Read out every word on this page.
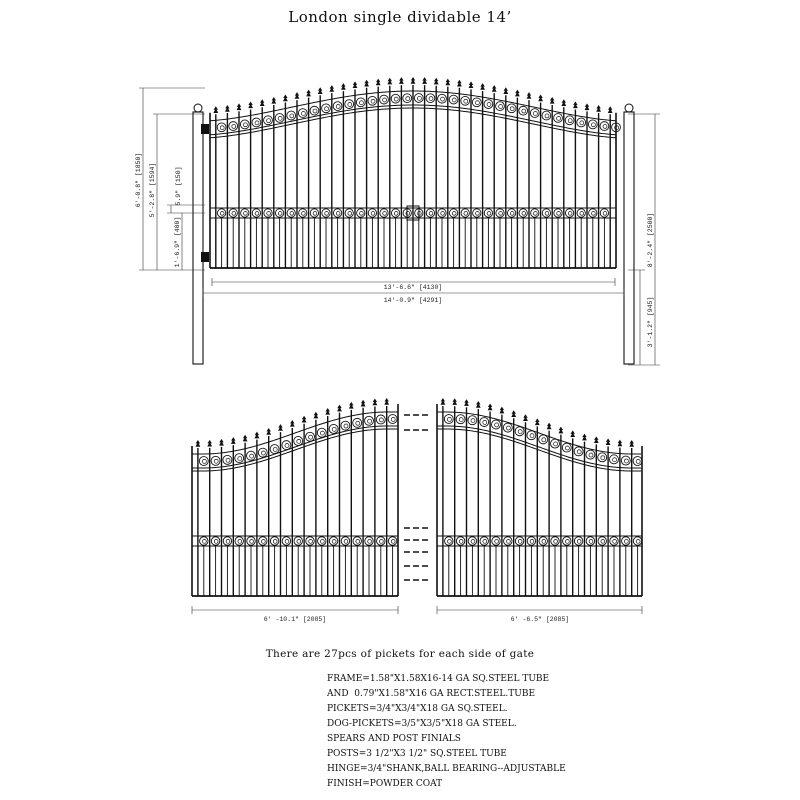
London single dividable 14’
6'-0.8" [1850] 5'-2.8" [1594]	5.9" [150]
1'-6.9" [480]	8'-2.4" [2500]
3'-1.2" [945]
13'-6.6" [4130]
14'-0.9" [4291]
6' -10.1" [2085]	6' -6.5" [2085]
There are 27pcs of pickets for each side of gate
FRAME=1.58"X1.58X16-14 GA SQ.STEEL TUBE
AND  0.79"X1.58"X16 GA RECT.STEEL.TUBE
PICKETS=3/4"X3/4"X18 GA SQ.STEEL.
DOG-PICKETS=3/5"X3/5"X18 GA STEEL.
SPEARS AND POST FINIALS
POSTS=3 1/2"X3 1/2" SQ.STEEL TUBE
HINGE=3/4"SHANK,BALL BEARING--ADJUSTABLE
FINISH=POWDER COAT
